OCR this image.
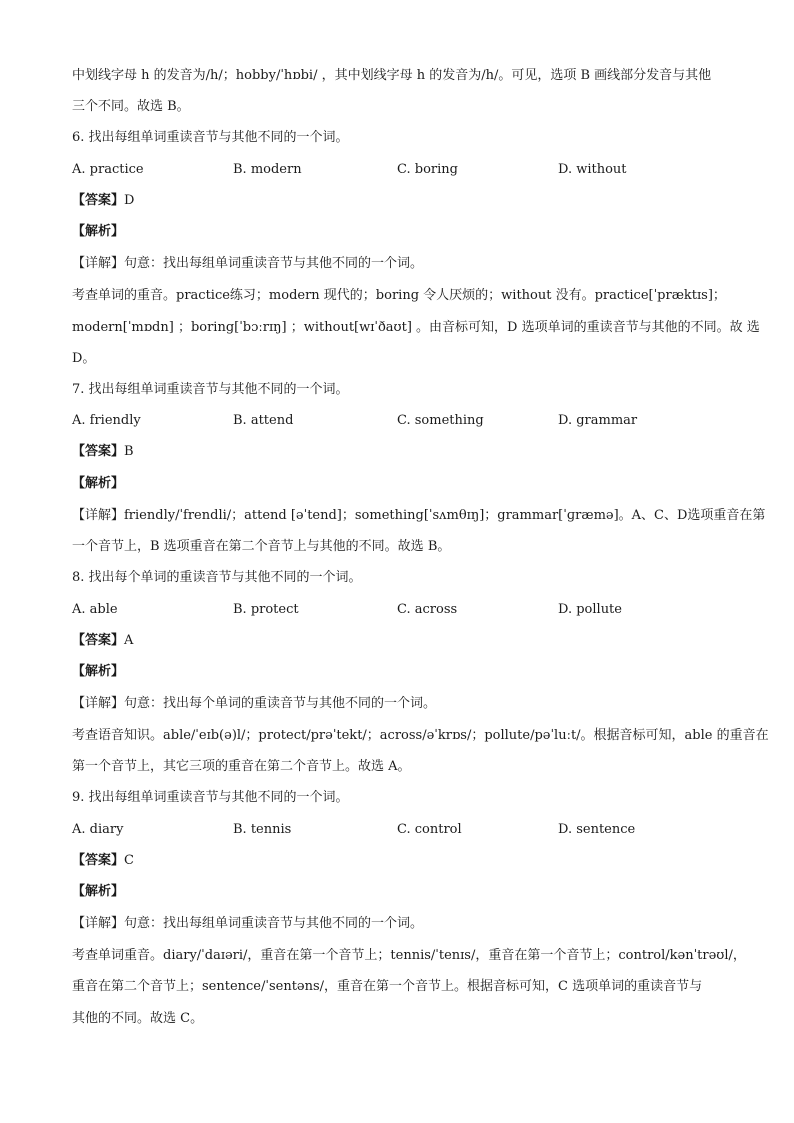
中划线字母 h 的发音为/h/；hobby/ˈhɒbi/ ，其中划线字母 h 的发音为/h/。可见，选项 B 画线部分发音与其他
三个不同。故选 B。
6. 找出每组单词重读音节与其他不同的一个词。
A. practice	B. modern	C. boring	D. without
【答案】D
【解析】
【详解】句意：找出每组单词重读音节与其他不同的一个词。
考查单词的重音。practice练习；modern 现代的；boring 令人厌烦的；without 没有。practice[ˈpræktɪs]；
modern[ˈmɒdn] ；boring[ˈbɔːrɪŋ] ；without[wɪˈðaʊt] 。由音标可知，D 选项单词的重读音节与其他的不同。故 选
D。
7. 找出每组单词重读音节与其他不同的一个词。
A. friendly	B. attend	C. something	D. grammar
【答案】B
【解析】
【详解】friendly/ˈfrendli/；attend [əˈtend]；something[ˈsʌmθɪŋ]；grammar[ˈɡræmə]。A、C、D选项重音在第
一个音节上，B 选项重音在第二个音节上与其他的不同。故选 B。
8. 找出每个单词的重读音节与其他不同的一个词。
A. able	B. protect	C. across	D. pollute
【答案】A
【解析】
【详解】句意：找出每个单词的重读音节与其他不同的一个词。
考查语音知识。able/ˈeɪb(ə)l/；protect/prəˈtekt/；across/əˈkrɒs/；pollute/pəˈluːt/。根据音标可知，able 的重音在
第一个音节上，其它三项的重音在第二个音节上。故选 A。
9. 找出每组单词重读音节与其他不同的一个词。
A. diary	B. tennis	C. control	D. sentence
【答案】C
【解析】
【详解】句意：找出每组单词重读音节与其他不同的一个词。
考查单词重音。diary/ˈdaɪəri/，重音在第一个音节上；tennis/ˈtenɪs/，重音在第一个音节上；control/kənˈtrəʊl/，
重音在第二个音节上；sentence/ˈsentəns/，重音在第一个音节上。根据音标可知，C 选项单词的重读音节与
其他的不同。故选 C。
